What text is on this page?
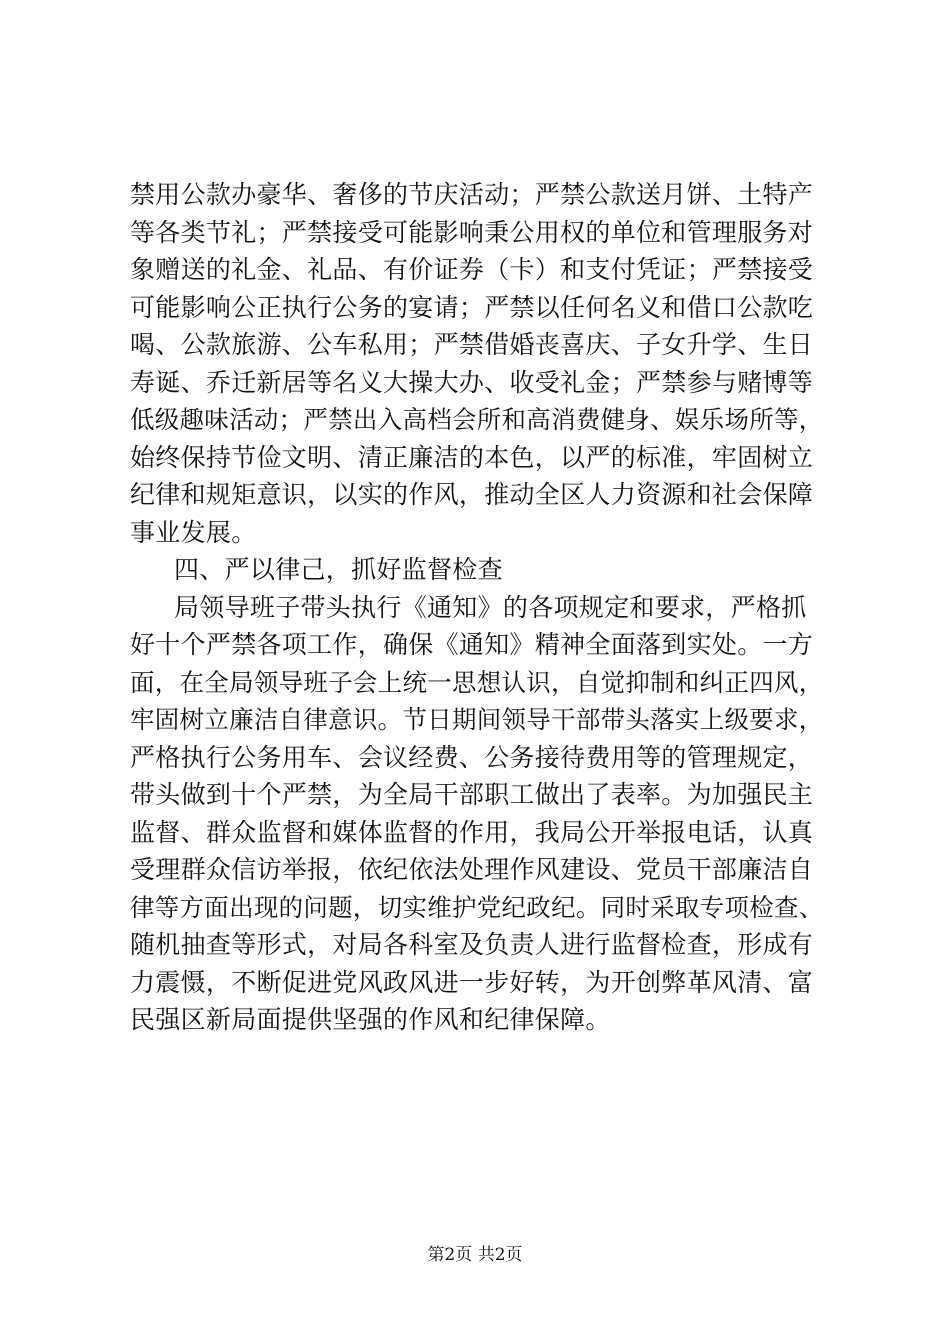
禁用公款办豪华、奢侈的节庆活动；严禁公款送月饼、土特产
等各类节礼；严禁接受可能影响秉公用权的单位和管理服务对
象赠送的礼金、礼品、有价证券（卡）和支付凭证；严禁接受
可能影响公正执行公务的宴请；严禁以任何名义和借口公款吃
喝、公款旅游、公车私用；严禁借婚丧喜庆、子女升学、生日
寿诞、乔迁新居等名义大操大办、收受礼金；严禁参与赌博等
低级趣味活动；严禁出入高档会所和高消费健身、娱乐场所等，
始终保持节俭文明、清正廉洁的本色，以严的标准，牢固树立
纪律和规矩意识，以实的作风，推动全区人力资源和社会保障
事业发展。
四、严以律己，抓好监督检查
局领导班子带头执行《通知》的各项规定和要求，严格抓
好十个严禁各项工作，确保《通知》精神全面落到实处。一方
面，在全局领导班子会上统一思想认识，自觉抑制和纠正四风，
牢固树立廉洁自律意识。节日期间领导干部带头落实上级要求，
严格执行公务用车、会议经费、公务接待费用等的管理规定，
带头做到十个严禁，为全局干部职工做出了表率。为加强民主
监督、群众监督和媒体监督的作用，我局公开举报电话，认真
受理群众信访举报，依纪依法处理作风建设、党员干部廉洁自
律等方面出现的问题，切实维护党纪政纪。同时采取专项检查、
随机抽查等形式，对局各科室及负责人进行监督检查，形成有
力震慑，不断促进党风政风进一步好转，为开创弊革风清、富
民强区新局面提供坚强的作风和纪律保障。
第2页 共2页
